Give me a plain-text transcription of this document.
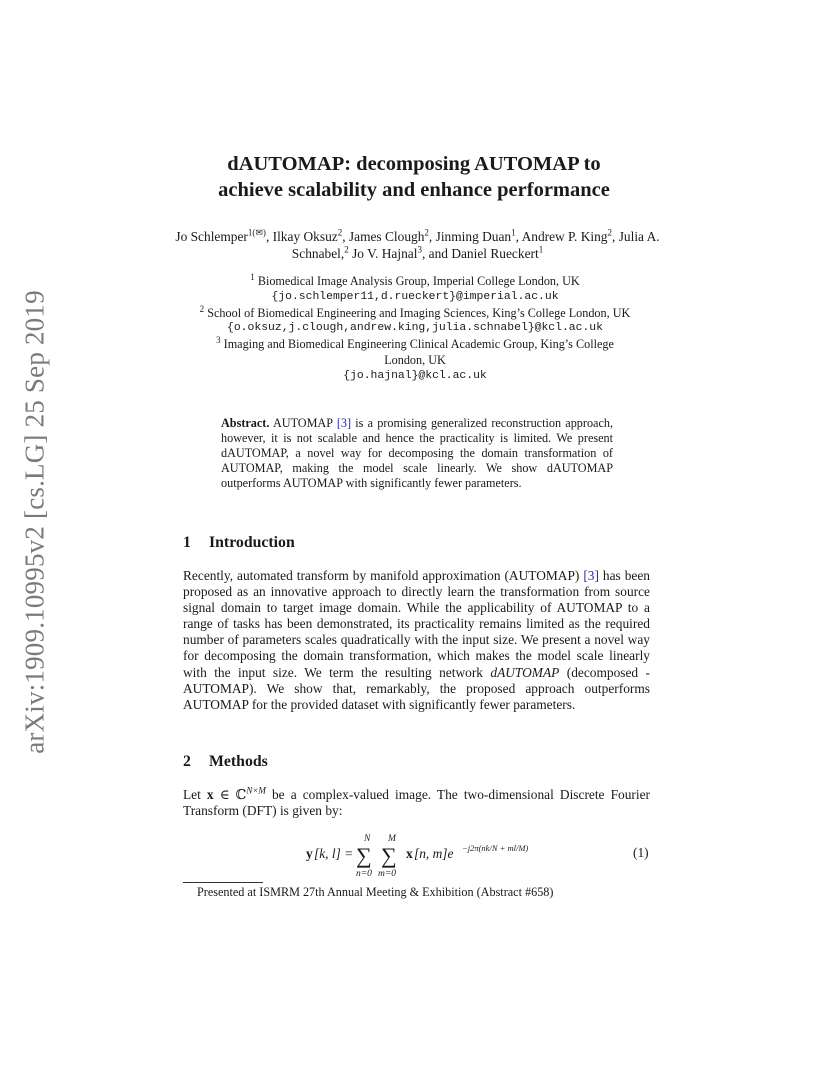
arXiv:1909.10995v2 [cs.LG] 25 Sep 2019
dAUTOMAP: decomposing AUTOMAP to
achieve scalability and enhance performance
Jo Schlemper$^{1(✉)}$, Ilkay Oksuz$^2$, James Clough$^2$, Jinming Duan$^1$, Andrew P. King$^2$, Julia A. Schnabel,$^2$ Jo V. Hajnal$^3$, and Daniel Rueckert$^1$
$^1$ Biomedical Image Analysis Group, Imperial College London, UK
{jo.schlemper11,d.rueckert}@imperial.ac.uk
$^2$ School of Biomedical Engineering and Imaging Sciences, King’s College London, UK
{o.oksuz,j.clough,andrew.king,julia.schnabel}@kcl.ac.uk
$^3$ Imaging and Biomedical Engineering Clinical Academic Group, King’s College
London, UK
{jo.hajnal}@kcl.ac.uk
Abstract. AUTOMAP [3] is a promising generalized reconstruction approach, however, it is not scalable and hence the practicality is limited. We present dAUTOMAP, a novel way for decomposing the domain transformation of AUTOMAP, making the model scale linearly. We show dAUTOMAP outperforms AUTOMAP with significantly fewer parameters.
1 Introduction
Recently, automated transform by manifold approximation (AUTOMAP) [3] has been proposed as an innovative approach to directly learn the transformation from source signal domain to target image domain. While the applicability of AUTOMAP to a range of tasks has been demonstrated, its practicality remains limited as the required number of parameters scales quadratically with the input size. We present a novel way for decomposing the domain transformation, which makes the model scale linearly with the input size. We term the resulting network dAUTOMAP (decomposed - AUTOMAP). We show that, remarkably, the proposed approach outperforms AUTOMAP for the provided dataset with significantly fewer parameters.
2 Methods
Let x ∈ ℂ$^{N\times M}$ be a complex-valued image. The two-dimensional Discrete Fourier Transform (DFT) is given by:
y [k, l] =
N
∑
n=0
M
∑
m=0
x [n, m]e −j2π(nk/N + ml/M)	(1)
Presented at ISMRM 27th Annual Meeting & Exhibition (Abstract #658)
